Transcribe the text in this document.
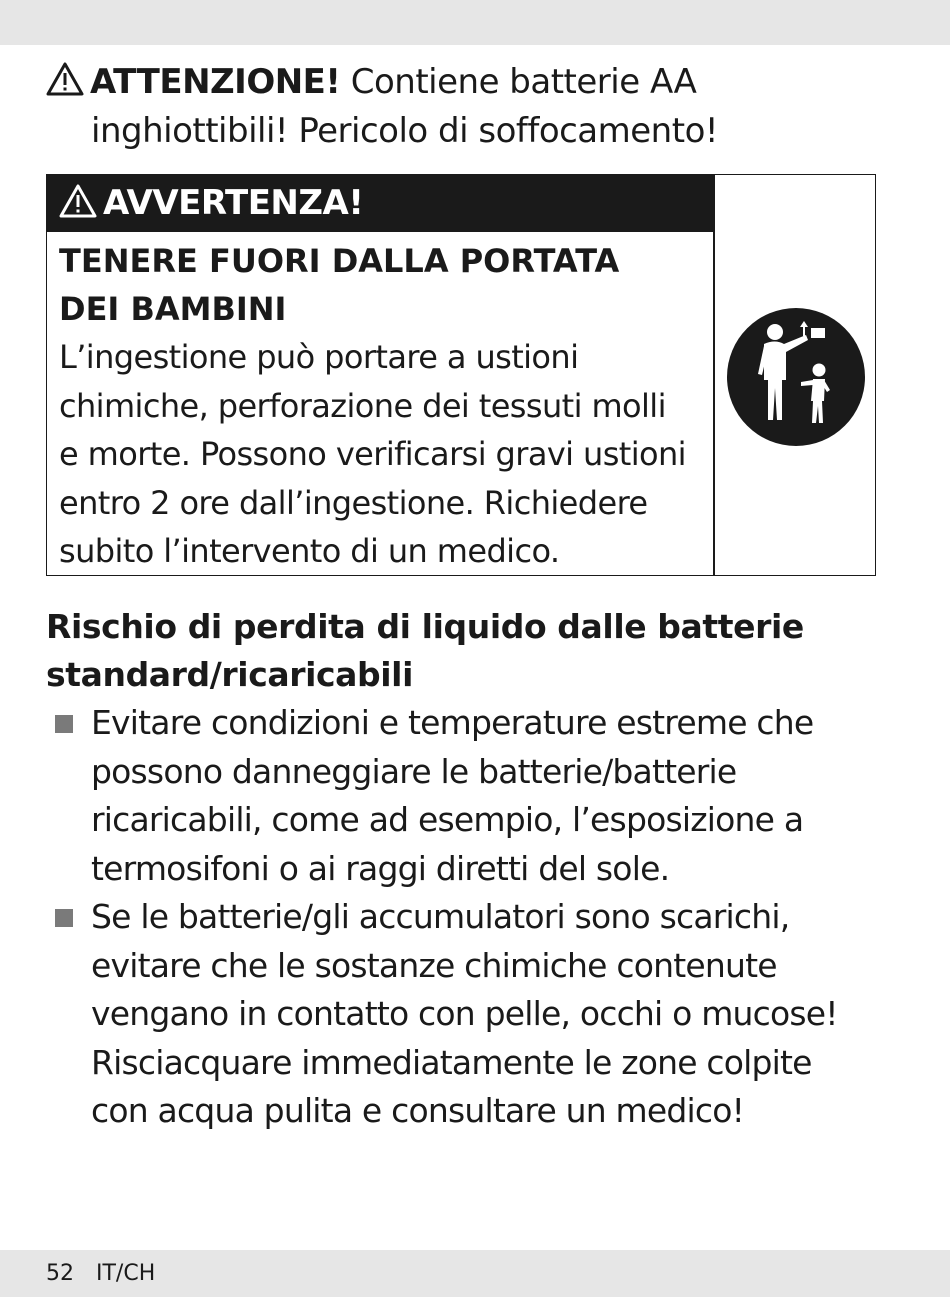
ATTENZIONE! Contiene batterie AA
inghiottibili! Pericolo di soffocamento!
AVVERTENZA!
TENERE FUORI DALLA PORTATA
DEI BAMBINI
L’ingestione può portare a ustioni
chimiche, perforazione dei tessuti molli
e morte. Possono verificarsi gravi ustioni
entro 2 ore dall’ingestione. Richiedere
subito l’intervento di un medico.
Rischio di perdita di liquido dalle batterie
standard/ricaricabili
Evitare condizioni e temperature estreme che
possono danneggiare le batterie/batterie
ricaricabili, come ad esempio, l’esposizione a
termosifoni o ai raggi diretti del sole.
Se le batterie/gli accumulatori sono scarichi,
evitare che le sostanze chimiche contenute
vengano in contatto con pelle, occhi o mucose!
Risciacquare immediatamente le zone colpite
con acqua pulita e consultare un medico!
52 IT/CH
